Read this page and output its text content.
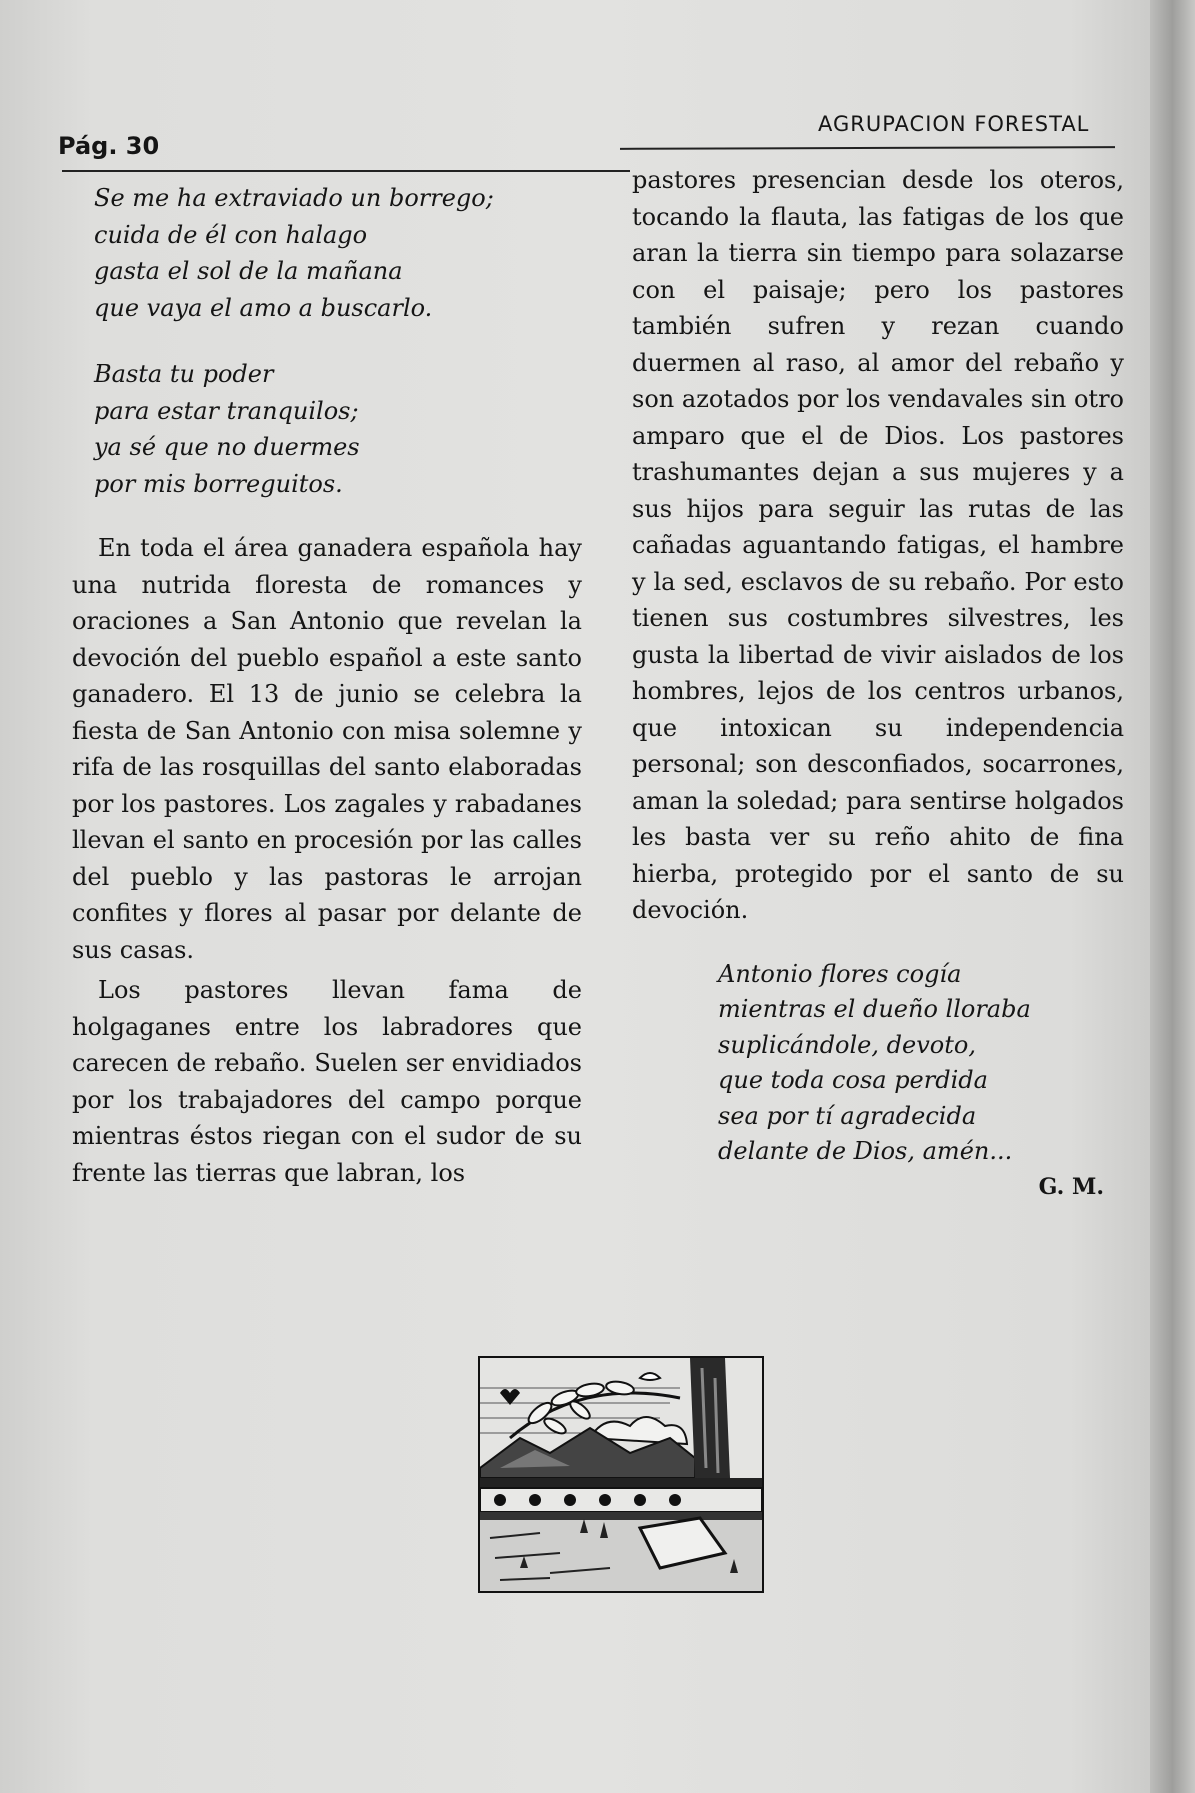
Pág. 30
AGRUPACION FORESTAL
Se me ha extraviado un borrego;
cuida de él con halago
gasta el sol de la mañana
que vaya el amo a buscarlo.
Basta tu poder
para estar tranquilos;
ya sé que no duermes
por mis borreguitos.

En toda el área ganadera española hay una nutrida floresta de romances y oraciones a San Antonio que revelan la devoción del pueblo español a este santo ganadero. El 13 de junio se celebra la fiesta de San Antonio con misa solemne y rifa de las rosquillas del santo elaboradas por los pastores. Los zagales y rabadanes llevan el santo en procesión por las calles del pueblo y las pastoras le arrojan confites y flores al pasar por delante de sus casas.

Los pastores llevan fama de holgaganes entre los labradores que carecen de rebaño. Suelen ser envidiados por los trabajadores del campo porque mientras éstos riegan con el sudor de su frente las tierras que labran, los

pastores presencian desde los oteros, tocando la flauta, las fatigas de los que aran la tierra sin tiempo para solazarse con el paisaje; pero los pastores también sufren y rezan cuando duermen al raso, al amor del rebaño y son azotados por los vendavales sin otro amparo que el de Dios. Los pastores trashumantes dejan a sus mujeres y a sus hijos para seguir las rutas de las cañadas aguantando fatigas, el hambre y la sed, esclavos de su rebaño. Por esto tienen sus costumbres silvestres, les gusta la libertad de vivir aislados de los hombres, lejos de los centros urbanos, que intoxican su independencia personal; son desconfiados, socarrones, aman la soledad; para sentirse holgados les basta ver su reño ahito de fina hierba, protegido por el santo de su devoción.

Antonio flores cogía
mientras el dueño lloraba
suplicándole, devoto,
que toda cosa perdida
sea por tí agradecida
delante de Dios, amén...
G. M.
